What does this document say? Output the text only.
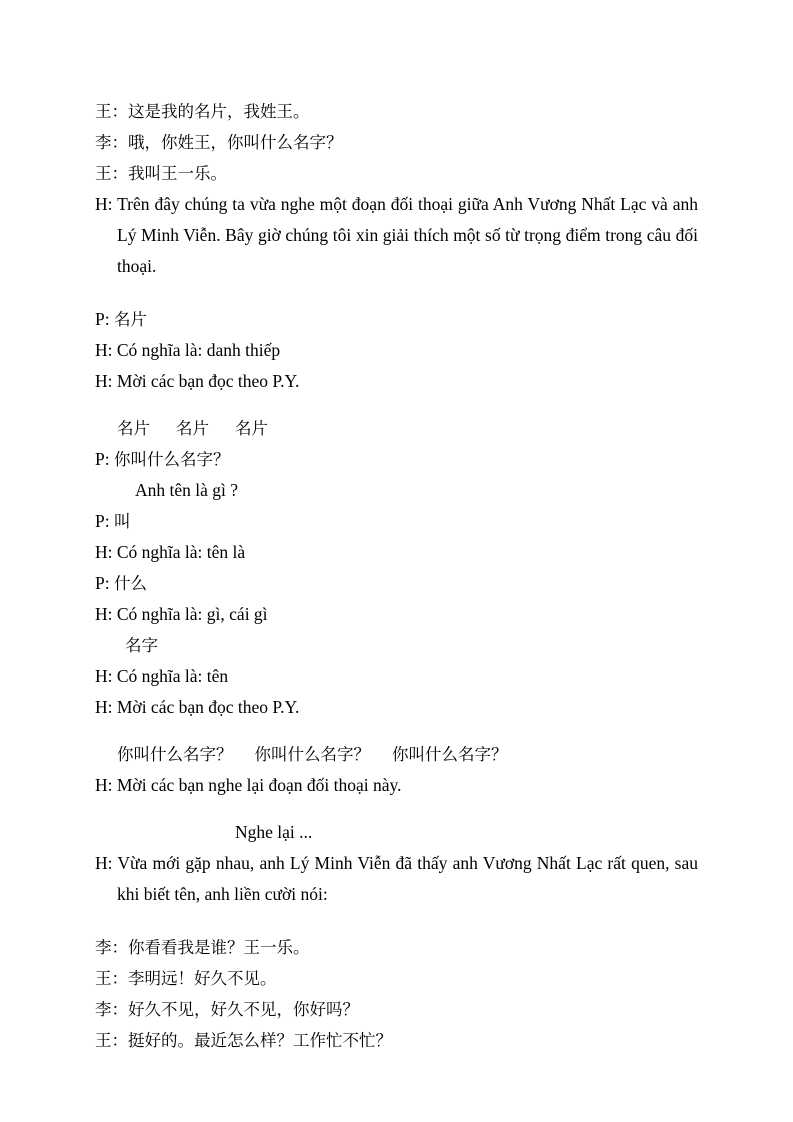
王：这是我的名片，我姓王。
李：哦，你姓王，你叫什么名字？
王：我叫王一乐。
H: Trên đây chúng ta vừa nghe một đoạn đối thoại giữa Anh Vương Nhất Lạc và anh Lý Minh Viễn. Bây giờ chúng tôi xin giải thích một số từ trọng điểm trong câu đối thoại.
P: 名片
H: Có nghĩa là: danh thiếp
H: Mời các bạn đọc theo P.Y.
名片 名片 名片
P: 你叫什么名字？
Anh tên là gì ?
P: 叫
H: Có nghĩa là: tên là
P: 什么
H: Có nghĩa là: gì, cái gì
名字
H: Có nghĩa là: tên
H: Mời các bạn đọc theo P.Y.
你叫什么名字？ 你叫什么名字？ 你叫什么名字？
H: Mời các bạn nghe lại đoạn đối thoại này.
Nghe lại ...
H: Vừa mới gặp nhau, anh Lý Minh Viễn đã thấy anh Vương Nhất Lạc rất quen, sau khi biết tên, anh liền cười nói:
李：你看看我是谁？王一乐。
王：李明远！好久不见。
李：好久不见，好久不见，你好吗？
王：挺好的。最近怎么样？工作忙不忙？
